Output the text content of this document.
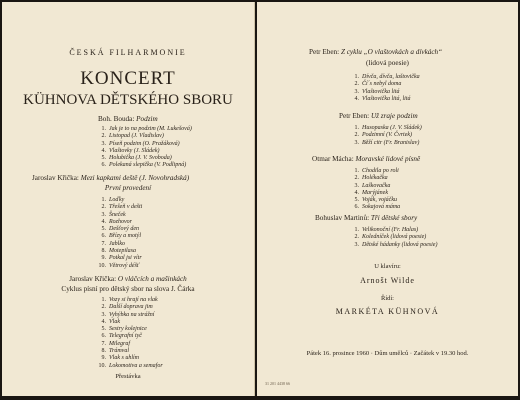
ČESKÁ FILHARMONIE
KONCERT
KÜHNOVA DĚTSKÉHO SBORU
Boh. Bouda: Podzim
1. Jak je to na podzim (M. Lukešová)
2. Listopad (J. Vladislav)
3. Píseň podzim (O. Pražáková)
4. Vlaštovky (J. Sládek)
5. Holubička (J. V. Svoboda)
6. Polekaná slepička (V. Podlipná)
Jaroslav Křička: Mezi kapkami deště (J. Novohradská)
První provedení
1. Loďky
2. Třešeň v dešti
3. Šneček
4. Rozhovor
5. Dešťový den
6. Břízy a motýl
7. Jablko
8. Motepilasa
9. Potkal jsi vítr
10. Větrový déšť
Jaroslav Křička: O vláčcích a mašinkách
Cyklus písní pro dětský sbor na slova J. Čárka
1. Vozy si hrají na vlak
2. Další doprava jim
3. Vyhýbka na strážní
4. Vlak
5. Sestry kolejnice
6. Telegrafní tyč
7. Milegraf
8. Trámval
9. Vlak s uhlím
10. Lokomotiva a semafor
Přestávka
Petr Eben: Z cyklu „O vlaštovkách a dívkách“
(lidová poesie)
1. Dívča, dívča, laštovička
2. Čí´s nebyl doma
3. Vlaštovička litá
4. Vlaštovička litá, litá
Petr Eben: Už zraje podzim
1. Husopaska (J. V. Sládek)
2. Podzimní (V. Čvrtek)
3. Běží citr (Fr. Branislav)
Otmar Mácha: Moravské lidové písně
1. Chodila po roli
2. Holékačka
3. Laškovačka
4. Marýjánek
5. Voják, vojáčku
6. Sokajová máma
Bohuslav Martinů: Tři dětské sbory
1. Velikonoční (Fr. Halas)
2. Koledníček (lidová poesie)
3. Dětské hádanky (lidová poesie)
U klavíru:
Arnošt Wilde
Řídí:
MARKÉTA KÜHNOVÁ
Pátek 16. prosince 1960 · Dům umělců · Začátek v 19.30 hod.
31 201 4438 66
